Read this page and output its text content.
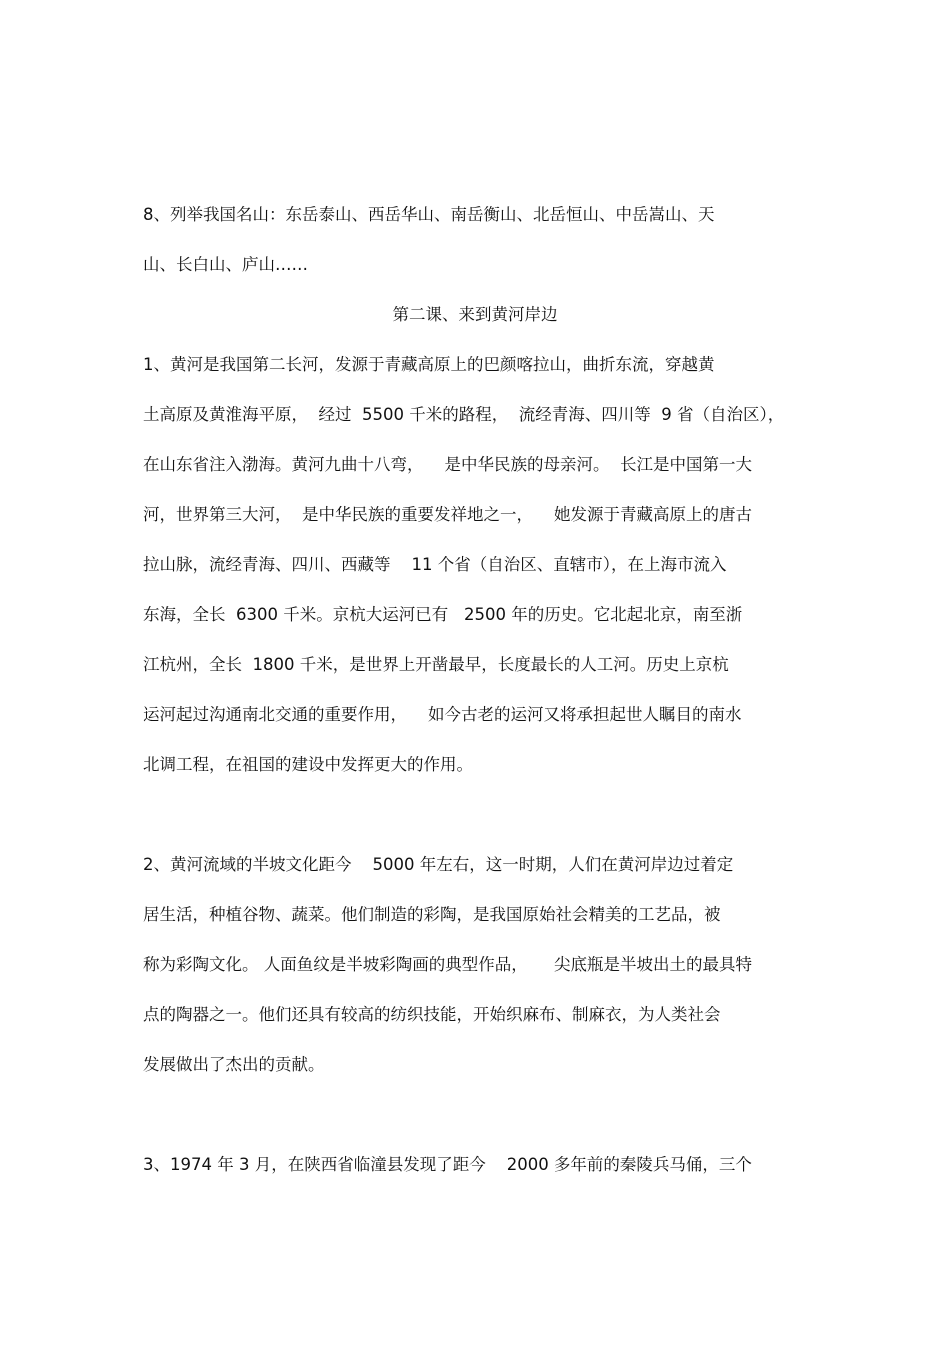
8、列举我国名山：东岳泰山、西岳华山、南岳衡山、北岳恒山、中岳嵩山、天
山、长白山、庐山……
第二课、来到黄河岸边
1、黄河是我国第二长河，发源于青藏高原上的巴颜喀拉山，曲折东流，穿越黄
土高原及黄淮海平原，  经过  5500 千米的路程，  流经青海、四川等  9 省（自治区），
在山东省注入渤海。黄河九曲十八弯，    是中华民族的母亲河。  长江是中国第一大
河，世界第三大河，  是中华民族的重要发祥地之一，    她发源于青藏高原上的唐古
拉山脉，流经青海、四川、西藏等    11 个省（自治区、直辖市），在上海市流入
东海，全长  6300 千米。京杭大运河已有   2500 年的历史。它北起北京，南至浙
江杭州，全长  1800 千米，是世界上开凿最早，长度最长的人工河。历史上京杭
运河起过沟通南北交通的重要作用，    如今古老的运河又将承担起世人瞩目的南水
北调工程，在祖国的建设中发挥更大的作用。
2、黄河流域的半坡文化距今    5000 年左右，这一时期，人们在黄河岸边过着定
居生活，种植谷物、蔬菜。他们制造的彩陶，是我国原始社会精美的工艺品，被
称为彩陶文化。 人面鱼纹是半坡彩陶画的典型作品，     尖底瓶是半坡出土的最具特
点的陶器之一。他们还具有较高的纺织技能，开始织麻布、制麻衣，为人类社会
发展做出了杰出的贡献。
3、1974 年 3 月，在陕西省临潼县发现了距今    2000 多年前的秦陵兵马俑，三个
